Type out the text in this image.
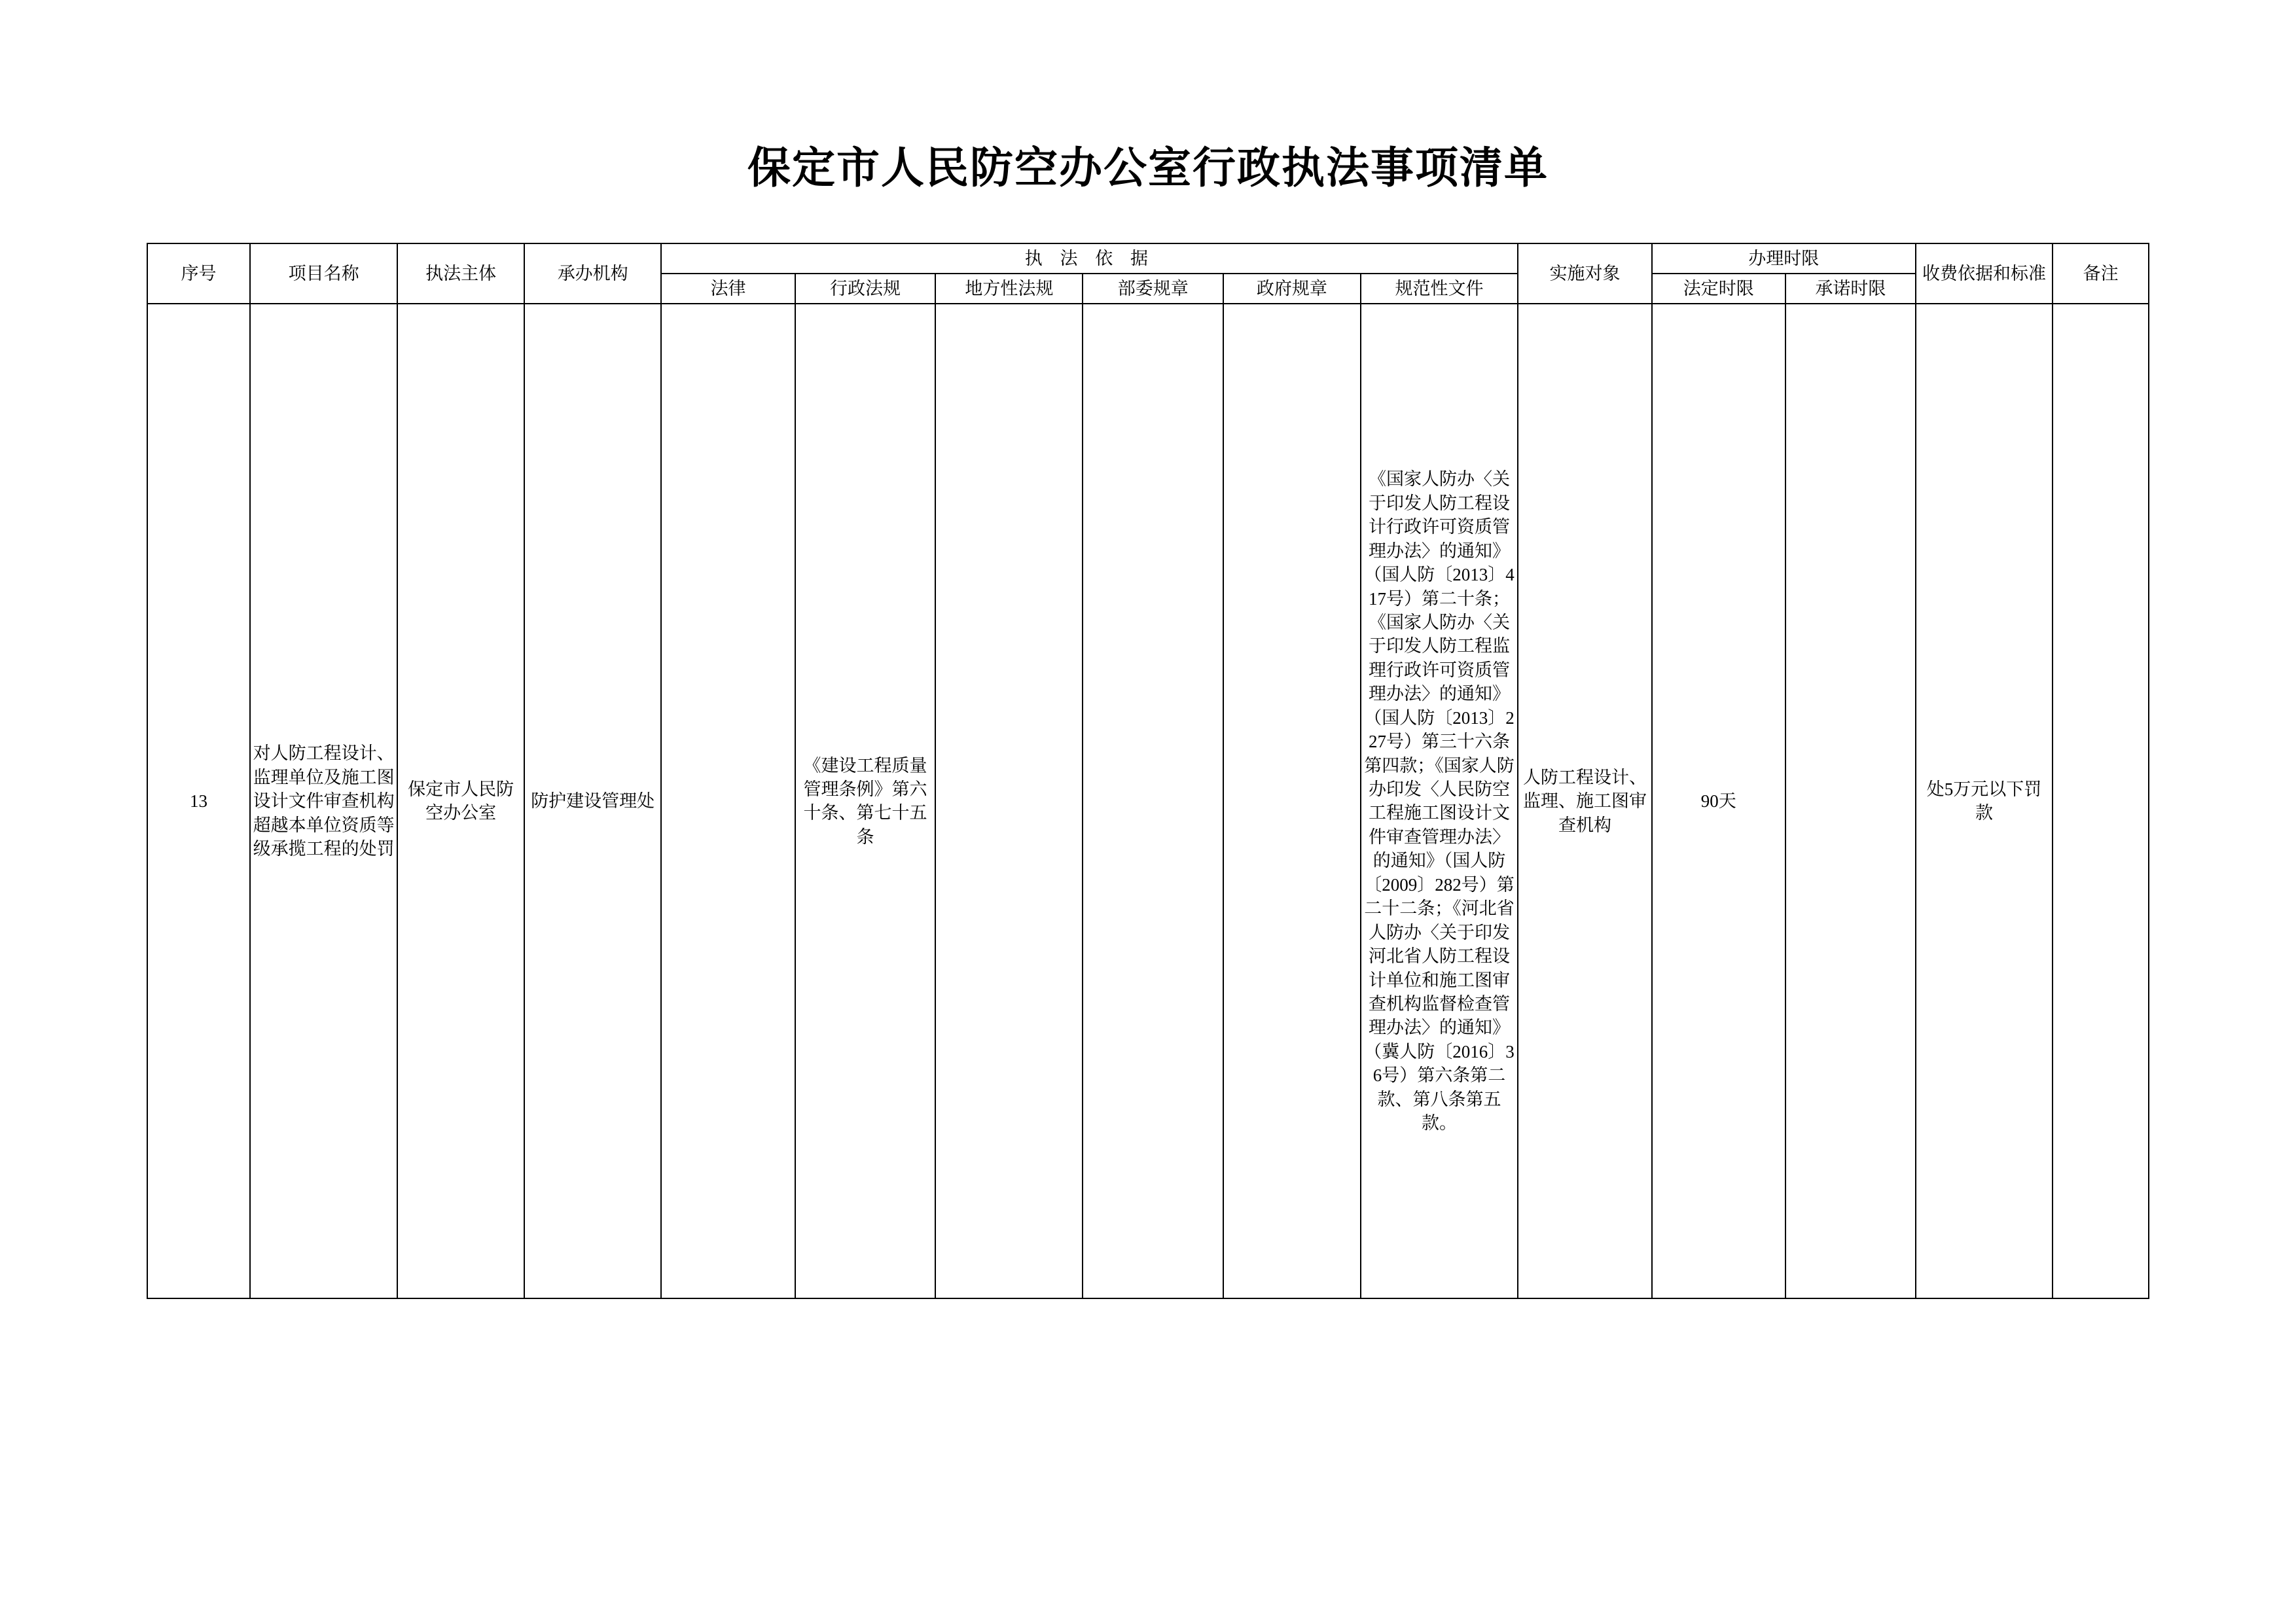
保定市人民防空办公室行政执法事项清单
序号	项目名称	执法主体	承办机构	执 法 依 据						实施对象	办理时限		收费依据和标准	备注
				法律	行政法规	地方性法规	部委规章	政府规章	规范性文件		法定时限	承诺时限		
13	对人防工程设计、监理单位及施工图设计文件审查机构超越本单位资质等级承揽工程的处罚	保定市人民防空办公室	防护建设管理处		《建设工程质量管理条例》第六十条、第七十五条				《国家人防办〈关于印发人防工程设计行政许可资质管理办法〉的通知》（国人防〔2013〕417号）第二十条；《国家人防办〈关于印发人防工程监理行政许可资质管理办法〉的通知》（国人防〔2013〕227号）第三十六条第四款；《国家人防办印发〈人民防空工程施工图设计文件审查管理办法〉的通知》（国人防〔2009〕282号）第二十二条；《河北省人防办〈关于印发河北省人防工程设计单位和施工图审查机构监督检查管理办法〉的通知》（冀人防〔2016〕36号）第六条第二款、第八条第五款。	人防工程设计、监理、施工图审查机构	90天		处5万元以下罚款	
